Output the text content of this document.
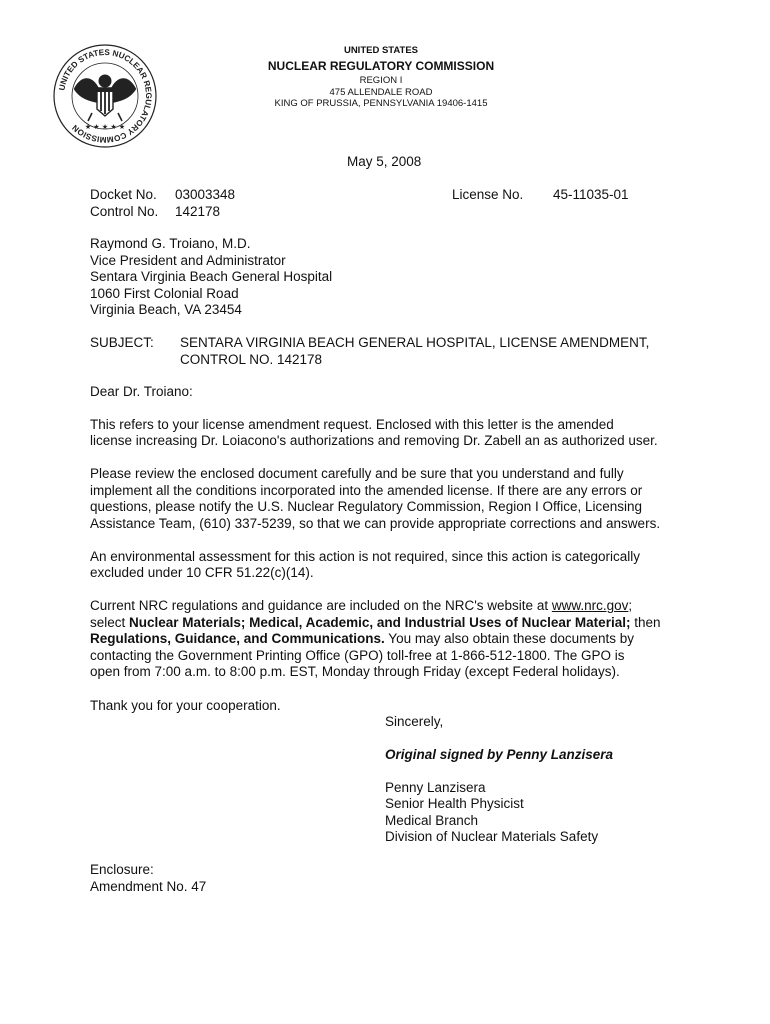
UNITED STATES NUCLEAR REGULATORY COMMISSION ★ ★ ★ ★ ★
UNITED STATES
NUCLEAR REGULATORY COMMISSION
REGION I
475 ALLENDALE ROAD
KING OF PRUSSIA, PENNSYLVANIA 19406-1415
May 5, 2008
Docket No. 03003348
Control No. 142178
License No. 45-11035-01
Raymond G. Troiano, M.D.
Vice President and Administrator
Sentara Virginia Beach General Hospital
1060 First Colonial Road
Virginia Beach, VA 23454
SUBJECT: SENTARA VIRGINIA BEACH GENERAL HOSPITAL, LICENSE AMENDMENT,
CONTROL NO. 142178
Dear Dr. Troiano:
This refers to your license amendment request. Enclosed with this letter is the amended
license increasing Dr. Loiacono's authorizations and removing Dr. Zabell an as authorized user.
Please review the enclosed document carefully and be sure that you understand and fully
implement all the conditions incorporated into the amended license. If there are any errors or
questions, please notify the U.S. Nuclear Regulatory Commission, Region I Office, Licensing
Assistance Team, (610) 337-5239, so that we can provide appropriate corrections and answers.
An environmental assessment for this action is not required, since this action is categorically
excluded under 10 CFR 51.22(c)(14).
Current NRC regulations and guidance are included on the NRC's website at www.nrc.gov;
select Nuclear Materials; Medical, Academic, and Industrial Uses of Nuclear Material; then
Regulations, Guidance, and Communications. You may also obtain these documents by
contacting the Government Printing Office (GPO) toll-free at 1-866-512-1800. The GPO is
open from 7:00 a.m. to 8:00 p.m. EST, Monday through Friday (except Federal holidays).
Thank you for your cooperation.
Sincerely,
Original signed by Penny Lanzisera
Penny Lanzisera
Senior Health Physicist
Medical Branch
Division of Nuclear Materials Safety
Enclosure:
Amendment No. 47
